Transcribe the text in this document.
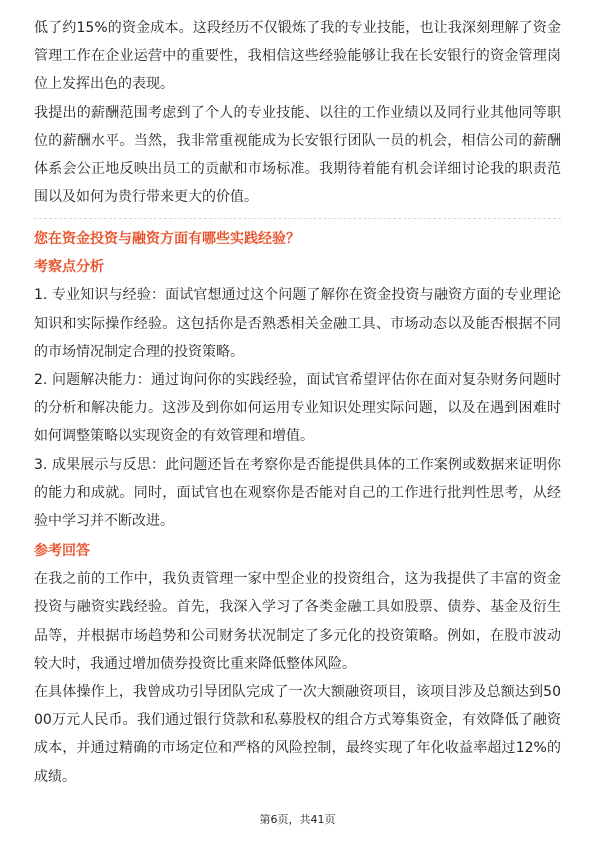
低了约15%的资金成本。这段经历不仅锻炼了我的专业技能，也让我深刻理解了资金管理工作在企业运营中的重要性，我相信这些经验能够让我在长安银行的资金管理岗位上发挥出色的表现。

我提出的薪酬范围考虑到了个人的专业技能、以往的工作业绩以及同行业其他同等职位的薪酬水平。当然，我非常重视能成为长安银行团队一员的机会，相信公司的薪酬体系会公正地反映出员工的贡献和市场标准。我期待着能有机会详细讨论我的职责范围以及如何为贵行带来更大的价值。

您在资金投资与融资方面有哪些实践经验？

考察点分析

1. 专业知识与经验：面试官想通过这个问题了解你在资金投资与融资方面的专业理论知识和实际操作经验。这包括你是否熟悉相关金融工具、市场动态以及能否根据不同的市场情况制定合理的投资策略。

2. 问题解决能力：通过询问你的实践经验，面试官希望评估你在面对复杂财务问题时的分析和解决能力。这涉及到你如何运用专业知识处理实际问题，以及在遇到困难时如何调整策略以实现资金的有效管理和增值。

3. 成果展示与反思：此问题还旨在考察你是否能提供具体的工作案例或数据来证明你的能力和成就。同时，面试官也在观察你是否能对自己的工作进行批判性思考，从经验中学习并不断改进。

参考回答

在我之前的工作中，我负责管理一家中型企业的投资组合，这为我提供了丰富的资金投资与融资实践经验。首先，我深入学习了各类金融工具如股票、债券、基金及衍生品等，并根据市场趋势和公司财务状况制定了多元化的投资策略。例如，在股市波动较大时，我通过增加债券投资比重来降低整体风险。

在具体操作上，我曾成功引导团队完成了一次大额融资项目，该项目涉及总额达到5000万元人民币。我们通过银行贷款和私募股权的组合方式筹集资金，有效降低了融资成本，并通过精确的市场定位和严格的风险控制，最终实现了年化收益率超过12%的成绩。

第6页，共41页
